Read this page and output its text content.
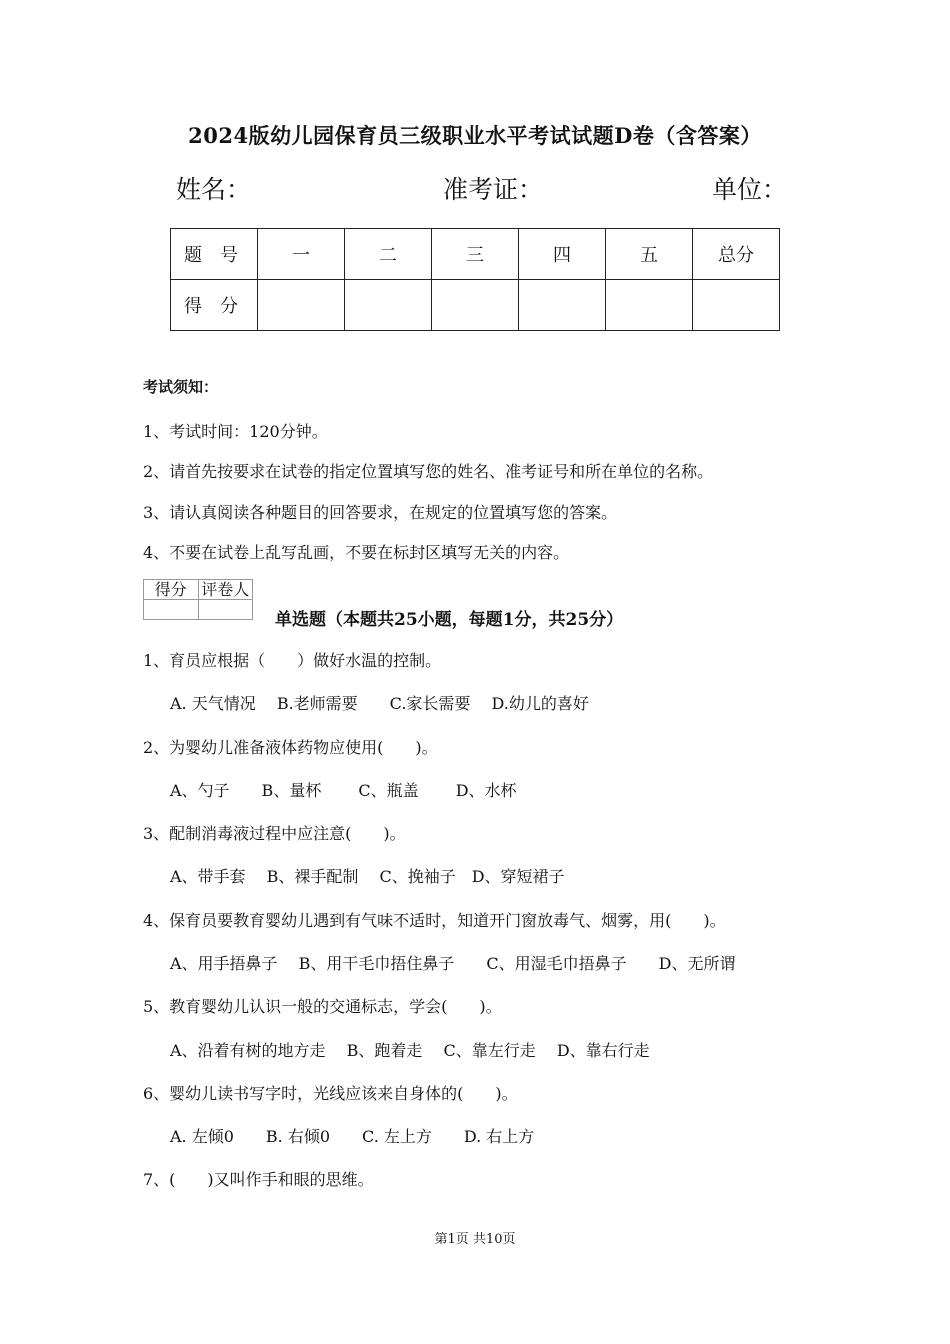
2024版幼儿园保育员三级职业水平考试试题D卷（含答案）
姓名：	准考证：	单位：
题号	一	二	三	四	五	总分
得分						
考试须知：
1、考试时间：120分钟。
2、请首先按要求在试卷的指定位置填写您的姓名、准考证号和所在单位的名称。
3、请认真阅读各种题目的回答要求，在规定的位置填写您的答案。
4、不要在试卷上乱写乱画，不要在标封区填写无关的内容。
得分	评卷人

单选题（本题共25小题，每题1分，共25分）
1、育员应根据（　　）做好水温的控制。
A. 天气情况　 B.老师需要　　C.家长需要　 D.幼儿的喜好
2、为婴幼儿准备液体药物应使用(　　)。
A、勺子　　B、量杯　　 C、瓶盖　　 D、水杯
3、配制消毒液过程中应注意(　　)。
A、带手套　 B、裸手配制　 C、挽袖子　D、穿短裙子
4、保育员要教育婴幼儿遇到有气味不适时，知道开门窗放毒气、烟雾，用(　　)。
A、用手捂鼻子　 B、用干毛巾捂住鼻子　　C、用湿毛巾捂鼻子　　D、无所谓
5、教育婴幼儿认识一般的交通标志，学会(　　)。
A、沿着有树的地方走　 B、跑着走　 C、靠左行走　 D、靠右行走
6、婴幼儿读书写字时，光线应该来自身体的(　　)。
A. 左倾0　　B. 右倾0　　C. 左上方　　D. 右上方
7、(　　)又叫作手和眼的思维。
第1页 共10页
